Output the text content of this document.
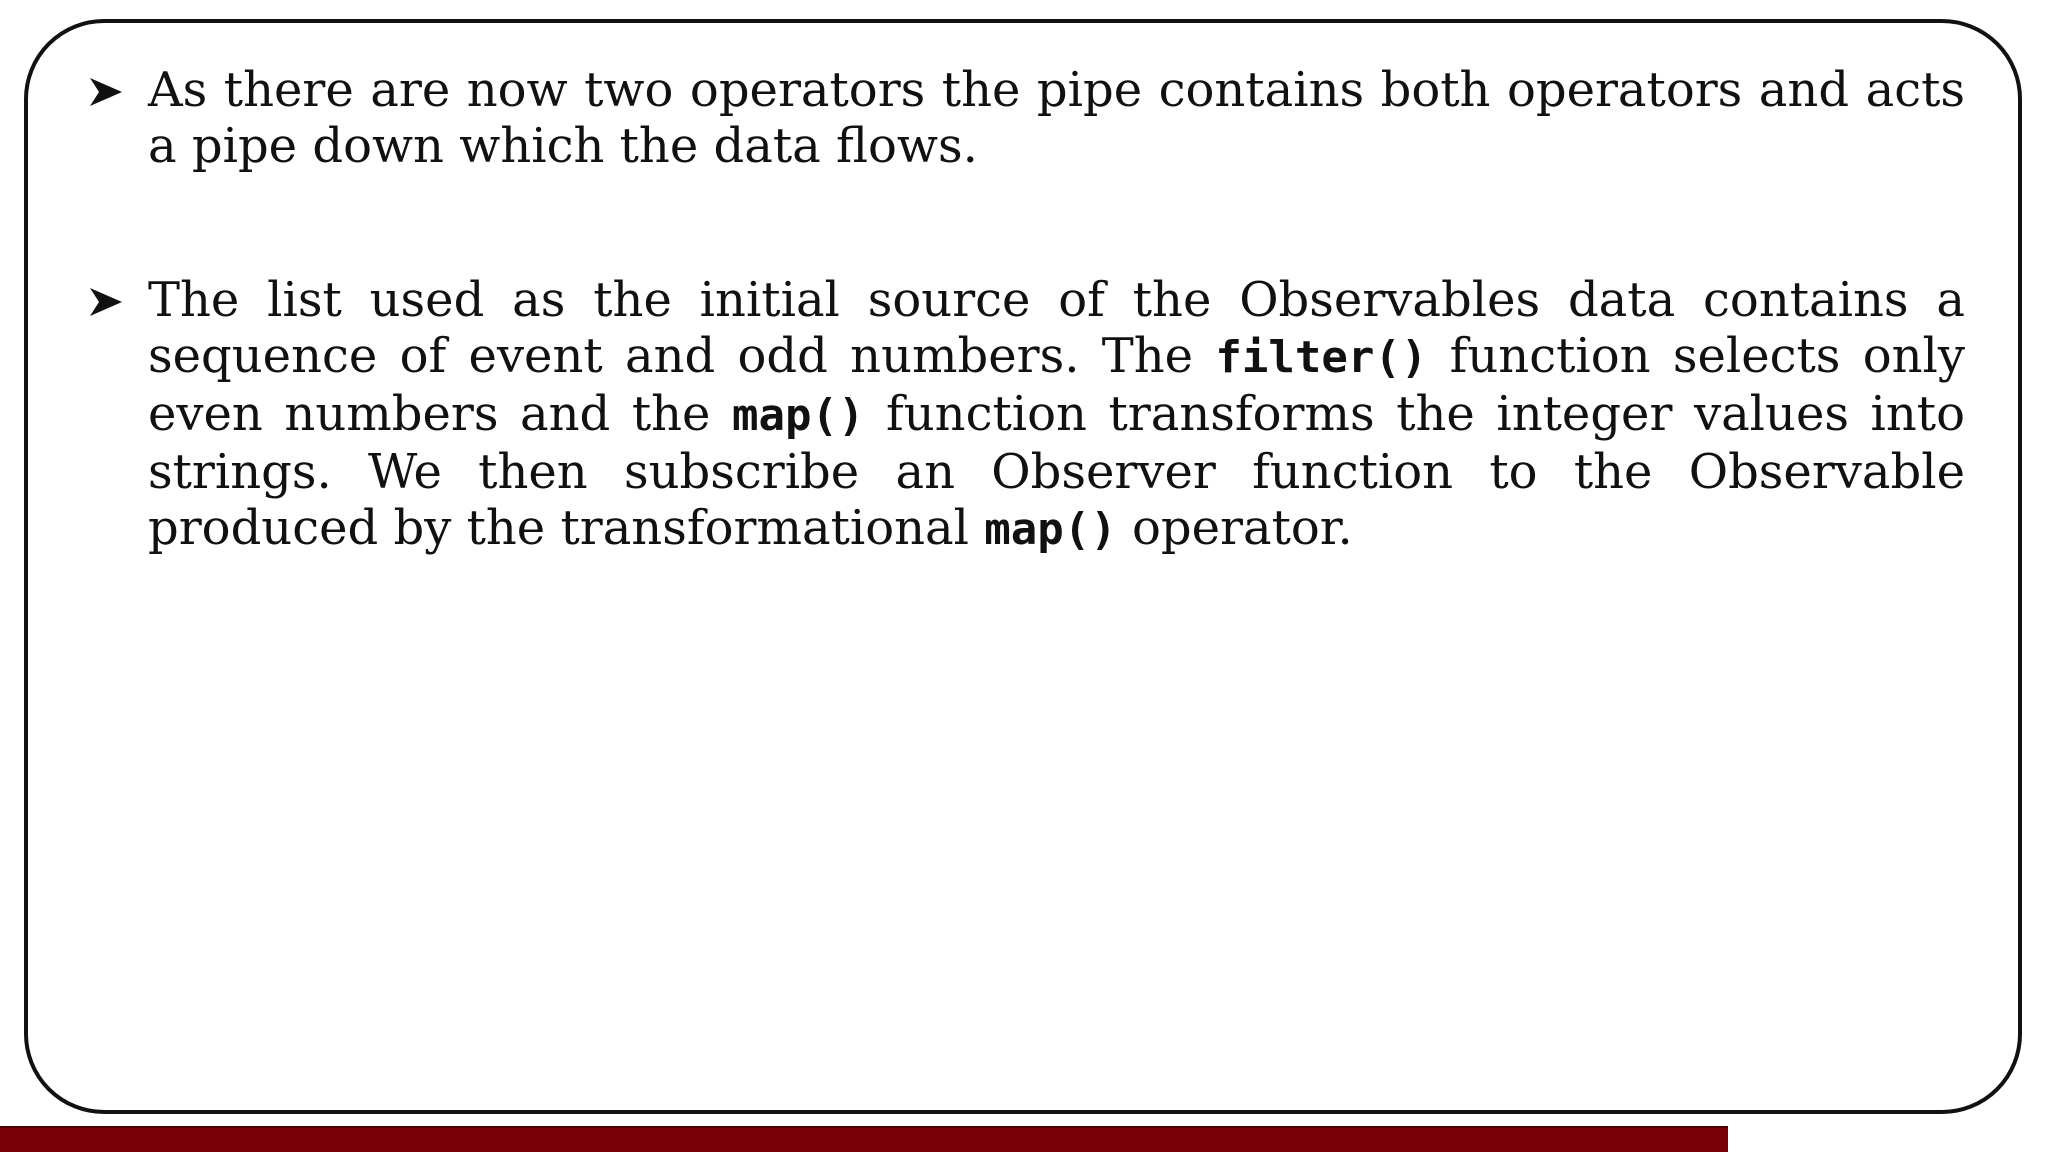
As there are now two operators the pipe contains both operators and acts a pipe down which the data flows.
The list used as the initial source of the Observables data contains a sequence of event and odd numbers. The filter() function selects only even numbers and the map() function transforms the integer values into strings. We then subscribe an Observer function to the Observable produced by the transformational map() operator.
